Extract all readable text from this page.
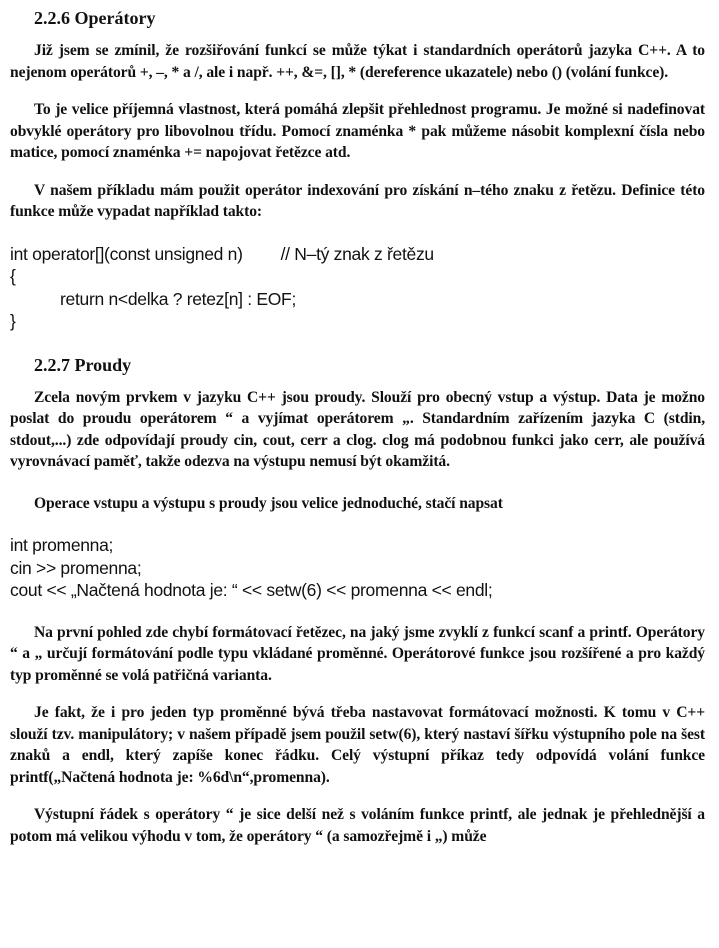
2.2.6 Operátory

Již jsem se zmínil, že rozšiřování funkcí se může týkat i standardních operátorů jazyka C++. A to nejenom operátorů +, –, * a /, ale i např. ++, &=, [], * (dereference ukazatele) nebo () (volání funkce).

To je velice příjemná vlastnost, která pomáhá zlepšit přehlednost programu. Je možné si nadefinovat obvyklé operátory pro libovolnou třídu. Pomocí znaménka * pak můžeme násobit komplexní čísla nebo matice, pomocí znaménka += napojovat řetězce atd.

V našem příkladu mám použit operátor indexování pro získání n–tého znaku z řetězu. Definice této funkce může vypadat například takto:

int operator[](const unsigned n) // N–tý znak z řetězu
{
return n<delka ? retez[n] : EOF;
}
2.2.7 Proudy

Zcela novým prvkem v jazyku C++ jsou proudy. Slouží pro obecný vstup a výstup. Data je možno poslat do proudu operátorem “ a vyjímat operátorem „. Standardním zařízením jazyka C (stdin, stdout,...) zde odpovídají proudy cin, cout, cerr a clog. clog má podobnou funkci jako cerr, ale používá vyrovnávací paměť, takže odezva na výstupu nemusí být okamžitá.

Operace vstupu a výstupu s proudy jsou velice jednoduché, stačí napsat

int promenna;
cin >> promenna;
cout << „Načtená hodnota je: “ << setw(6) << promenna << endl;

Na první pohled zde chybí formátovací řetězec, na jaký jsme zvyklí z funkcí scanf a printf. Operátory “ a „ určují formátování podle typu vkládané proměnné. Operátorové funkce jsou rozšířené a pro každý typ proměnné se volá patřičná varianta.

Je fakt, že i pro jeden typ proměnné bývá třeba nastavovat formátovací možnosti. K tomu v C++ slouží tzv. manipulátory; v našem případě jsem použil setw(6), který nastaví šířku výstupního pole na šest znaků a endl, který zapíše konec řádku. Celý výstupní příkaz tedy odpovídá volání funkce printf(„Načtená hodnota je: %6d\n“,promenna).

Výstupní řádek s operátory “ je sice delší než s voláním funkce printf, ale jednak je přehlednější a potom má velikou výhodu v tom, že operátory “ (a samozřejmě i „) může
